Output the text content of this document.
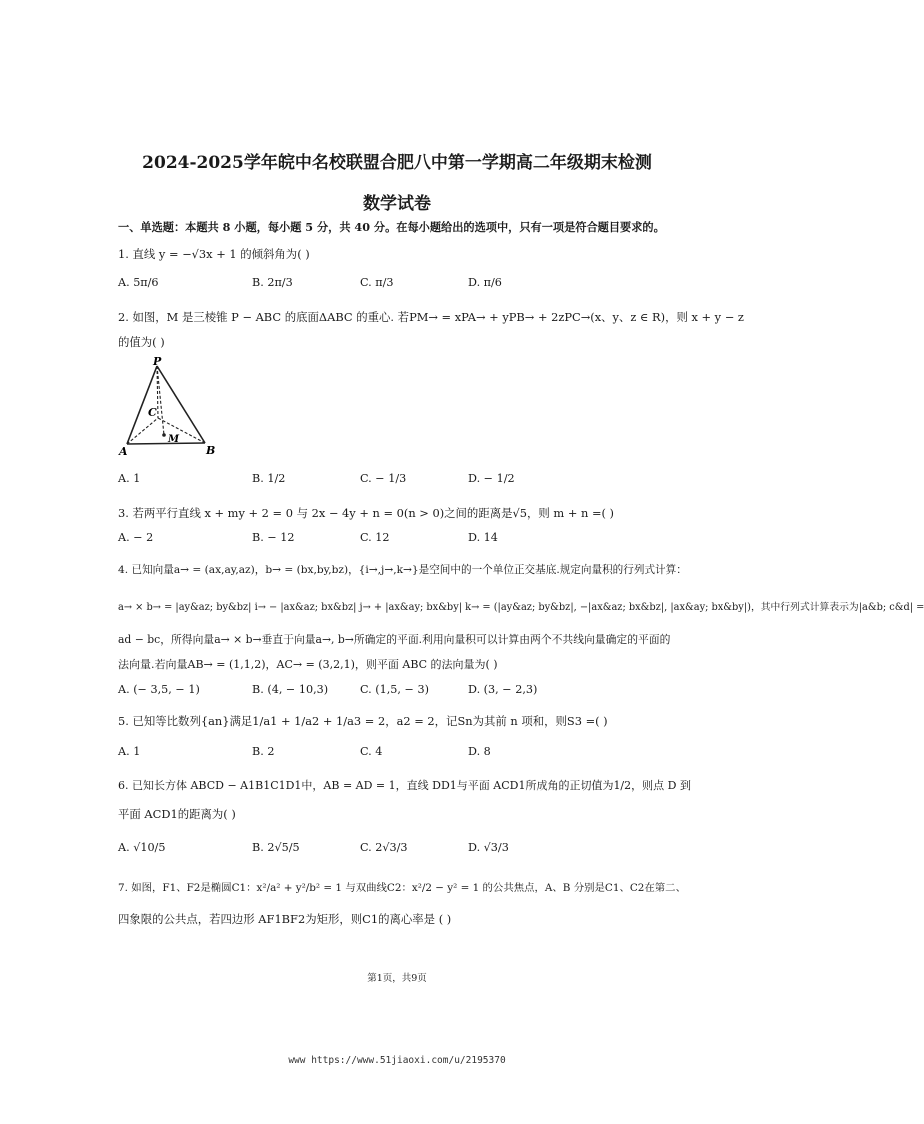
2024-2025学年皖中名校联盟合肥八中第一学期高二年级期末检测
数学试卷
一、单选题：本题共 8 小题，每小题 5 分，共 40 分。在每小题给出的选项中，只有一项是符合题目要求的。
1. 直线 y = −√3x + 1 的倾斜角为( )
A. 5π/6	B. 2π/3	C. π/3	D. π/6
2. 如图，M 是三棱锥 P − ABC 的底面ΔABC 的重心. 若PM→ = xPA→ + yPB→ + 2zPC→(x、y、z ∈ R)，则 x + y − z
的值为( )
P
C
M
A	B
A. 1	B. 1/2	C. − 1/3	D. − 1/2
3. 若两平行直线 x + my + 2 = 0 与 2x − 4y + n = 0(n > 0)之间的距离是√5，则 m + n =( )
A. − 2	B. − 12	C. 12	D. 14
4. 已知向量a→ = (ax,ay,az)，b→ = (bx,by,bz)，{i→,j→,k→}是空间中的一个单位正交基底.规定向量积的行列式计算：
a→ × b→ = |ay&az; by&bz| i→ − |ax&az; bx&bz| j→ + |ax&ay; bx&by| k→ = (|ay&az; by&bz|, −|ax&az; bx&bz|, |ax&ay; bx&by|)，其中行列式计算表示为|a&b; c&d| =
ad − bc，所得向量a→ × b→垂直于向量a→, b→所确定的平面.利用向量积可以计算由两个不共线向量确定的平面的
法向量.若向量AB→ = (1,1,2)，AC→ = (3,2,1)，则平面 ABC 的法向量为( )
A. (− 3,5, − 1)	B. (4, − 10,3)	C. (1,5, − 3)	D. (3, − 2,3)
5. 已知等比数列{an}满足1/a1 + 1/a2 + 1/a3 = 2，a2 = 2，记Sn为其前 n 项和，则S3 =( )
A. 1	B. 2	C. 4	D. 8
6. 已知长方体 ABCD − A1B1C1D1中，AB = AD = 1，直线 DD1与平面 ACD1所成角的正切值为1/2，则点 D 到
平面 ACD1的距离为( )
A. √10/5	B. 2√5/5	C. 2√3/3	D. √3/3
7. 如图，F1、F2是椭圆C1：x²/a² + y²/b² = 1 与双曲线C2：x²/2 − y² = 1 的公共焦点，A、B 分别是C1、C2在第二、
四象限的公共点，若四边形 AF1BF2为矩形，则C1的离心率是 ( )
第1页，共9页
www https://www.51jiaoxi.com/u/2195370
